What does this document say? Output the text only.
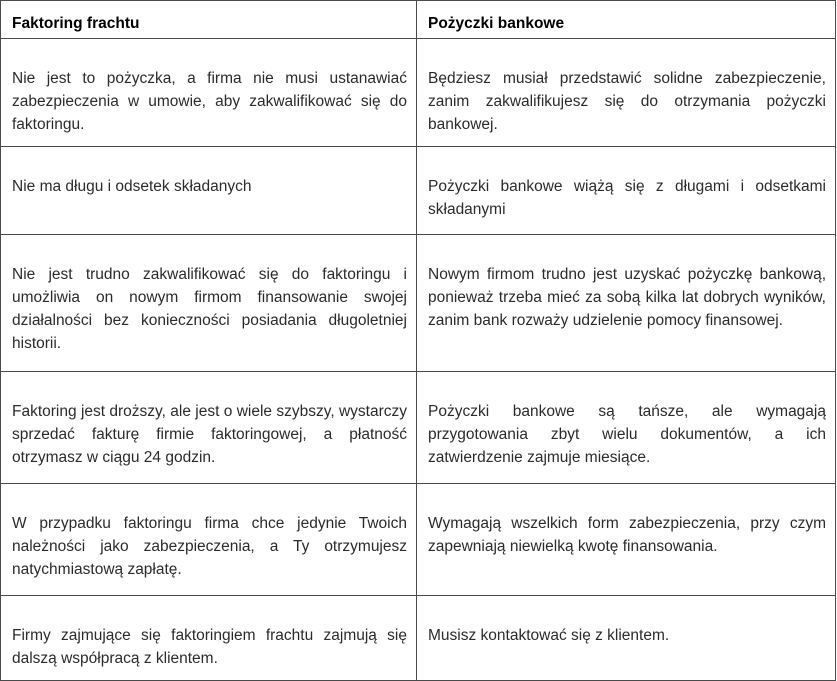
Faktoring frachtu	Pożyczki bankowe
Nie jest to pożyczka, a firma nie musi ustanawiać zabezpieczenia w umowie, aby zakwalifikować się do faktoringu.	Będziesz musiał przedstawić solidne zabezpieczenie, zanim zakwalifikujesz się do otrzymania pożyczki bankowej.
Nie ma długu i odsetek składanych	Pożyczki bankowe wiążą się z długami i odsetkami składanymi
Nie jest trudno zakwalifikować się do faktoringu i umożliwia on nowym firmom finansowanie swojej działalności bez konieczności posiadania długoletniej historii.	Nowym firmom trudno jest uzyskać pożyczkę bankową, ponieważ trzeba mieć za sobą kilka lat dobrych wyników, zanim bank rozważy udzielenie pomocy finansowej.
Faktoring jest droższy, ale jest o wiele szybszy, wystarczy sprzedać fakturę firmie faktoringowej, a płatność otrzymasz w ciągu 24 godzin.	Pożyczki bankowe są tańsze, ale wymagają przygotowania zbyt wielu dokumentów, a ich zatwierdzenie zajmuje miesiące.
W przypadku faktoringu firma chce jedynie Twoich należności jako zabezpieczenia, a Ty otrzymujesz natychmiastową zapłatę.	Wymagają wszelkich form zabezpieczenia, przy czym zapewniają niewielką kwotę finansowania.
Firmy zajmujące się faktoringiem frachtu zajmują się dalszą współpracą z klientem.	Musisz kontaktować się z klientem.
